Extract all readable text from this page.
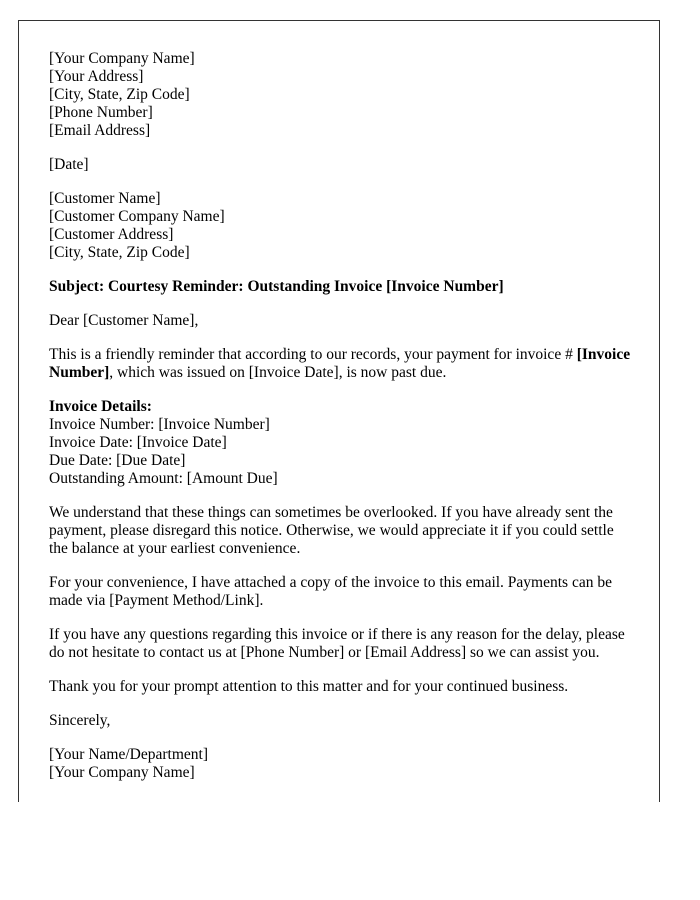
[Your Company Name]
[Your Address]
[City, State, Zip Code]
[Phone Number]
[Email Address]

[Date]

[Customer Name]
[Customer Company Name]
[Customer Address]
[City, State, Zip Code]

Subject: Courtesy Reminder: Outstanding Invoice [Invoice Number]

Dear [Customer Name],

This is a friendly reminder that according to our records, your payment for invoice # [Invoice Number], which was issued on [Invoice Date], is now past due.

Invoice Details:
Invoice Number: [Invoice Number]
Invoice Date: [Invoice Date]
Due Date: [Due Date]
Outstanding Amount: [Amount Due]

We understand that these things can sometimes be overlooked. If you have already sent the payment, please disregard this notice. Otherwise, we would appreciate it if you could settle the balance at your earliest convenience.

For your convenience, I have attached a copy of the invoice to this email. Payments can be made via [Payment Method/Link].

If you have any questions regarding this invoice or if there is any reason for the delay, please do not hesitate to contact us at [Phone Number] or [Email Address] so we can assist you.

Thank you for your prompt attention to this matter and for your continued business.

Sincerely,

[Your Name/Department]
[Your Company Name]
